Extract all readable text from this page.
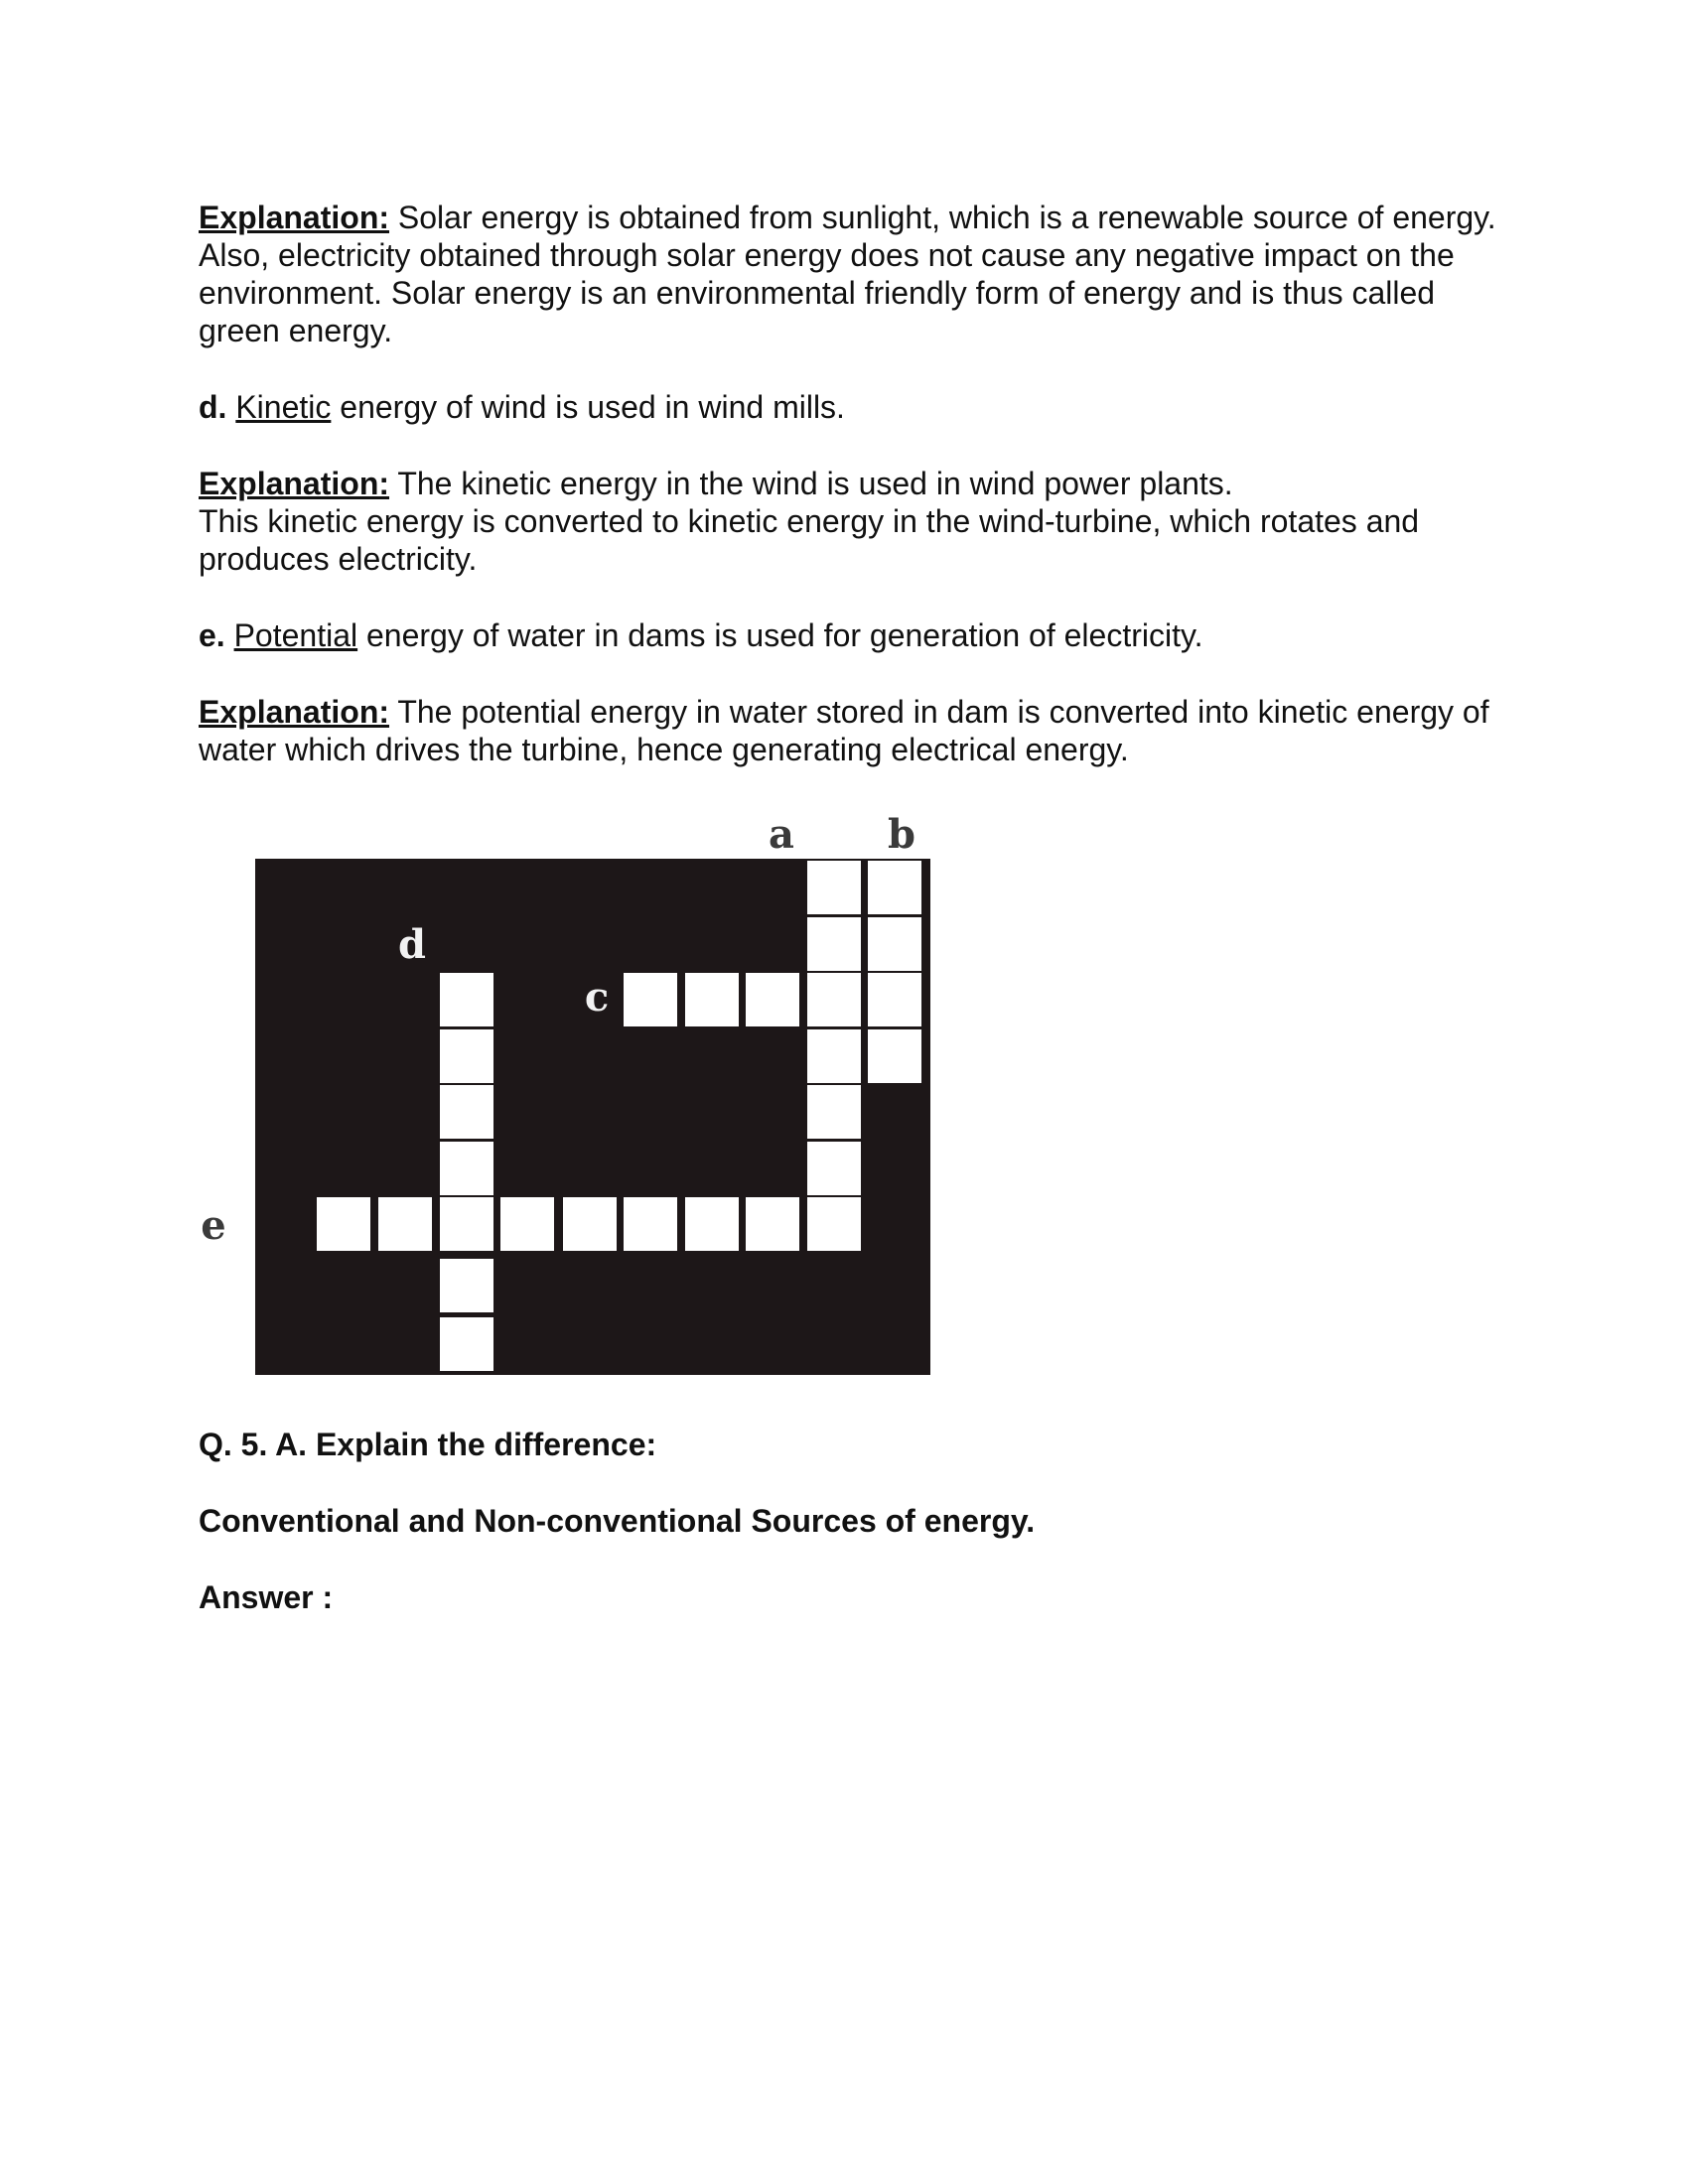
Explanation: Solar energy is obtained from sunlight, which is a renewable source of energy. Also, electricity obtained through solar energy does not cause any negative impact on the environment. Solar energy is an environmental friendly form of energy and is thus called green energy.

d. Kinetic energy of wind is used in wind mills.

Explanation: The kinetic energy in the wind is used in wind power plants.
This kinetic energy is converted to kinetic energy in the wind-turbine, which rotates and produces electricity.

e. Potential energy of water in dams is used for generation of electricity.

Explanation: The potential energy in water stored in dam is converted into kinetic energy of water which drives the turbine, hence generating electrical energy.

a b
c
d
e

Q. 5. A. Explain the difference:

Conventional and Non-conventional Sources of energy.

Answer :
